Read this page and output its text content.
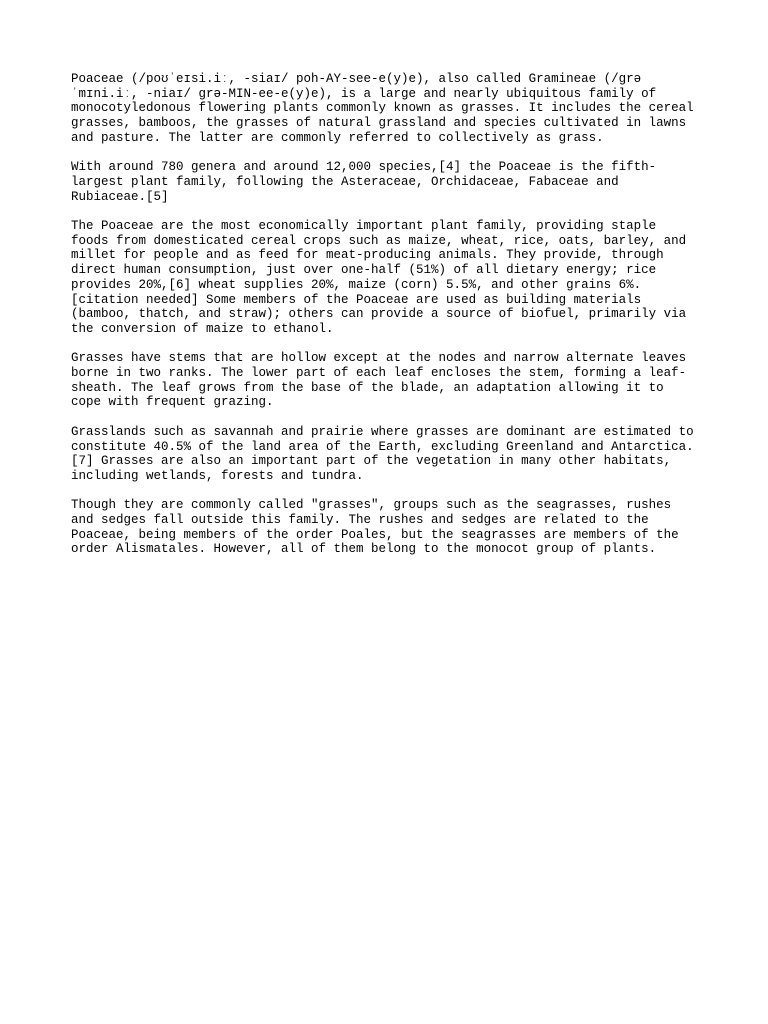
Poaceae (/poʊˈeɪsi.iː, -siaɪ/ poh-AY-see-e(y)e), also called Gramineae (/grəˈmɪni.iː, -niaɪ/ grə-MIN-ee-e(y)e), is a large and nearly ubiquitous family of monocotyledonous flowering plants commonly known as grasses. It includes the cereal grasses, bamboos, the grasses of natural grassland and species cultivated in lawns and pasture. The latter are commonly referred to collectively as grass.

With around 780 genera and around 12,000 species,[4] the Poaceae is the fifth-largest plant family, following the Asteraceae, Orchidaceae, Fabaceae and Rubiaceae.[5]

The Poaceae are the most economically important plant family, providing staple foods from domesticated cereal crops such as maize, wheat, rice, oats, barley, and millet for people and as feed for meat-producing animals. They provide, through direct human consumption, just over one-half (51%) of all dietary energy; rice provides 20%,[6] wheat supplies 20%, maize (corn) 5.5%, and other grains 6%.[citation needed] Some members of the Poaceae are used as building materials (bamboo, thatch, and straw); others can provide a source of biofuel, primarily via the conversion of maize to ethanol.

Grasses have stems that are hollow except at the nodes and narrow alternate leaves borne in two ranks. The lower part of each leaf encloses the stem, forming a leaf-sheath. The leaf grows from the base of the blade, an adaptation allowing it to cope with frequent grazing.

Grasslands such as savannah and prairie where grasses are dominant are estimated to constitute 40.5% of the land area of the Earth, excluding Greenland and Antarctica.[7] Grasses are also an important part of the vegetation in many other habitats, including wetlands, forests and tundra.

Though they are commonly called "grasses", groups such as the seagrasses, rushes and sedges fall outside this family. The rushes and sedges are related to the Poaceae, being members of the order Poales, but the seagrasses are members of the order Alismatales. However, all of them belong to the monocot group of plants.
